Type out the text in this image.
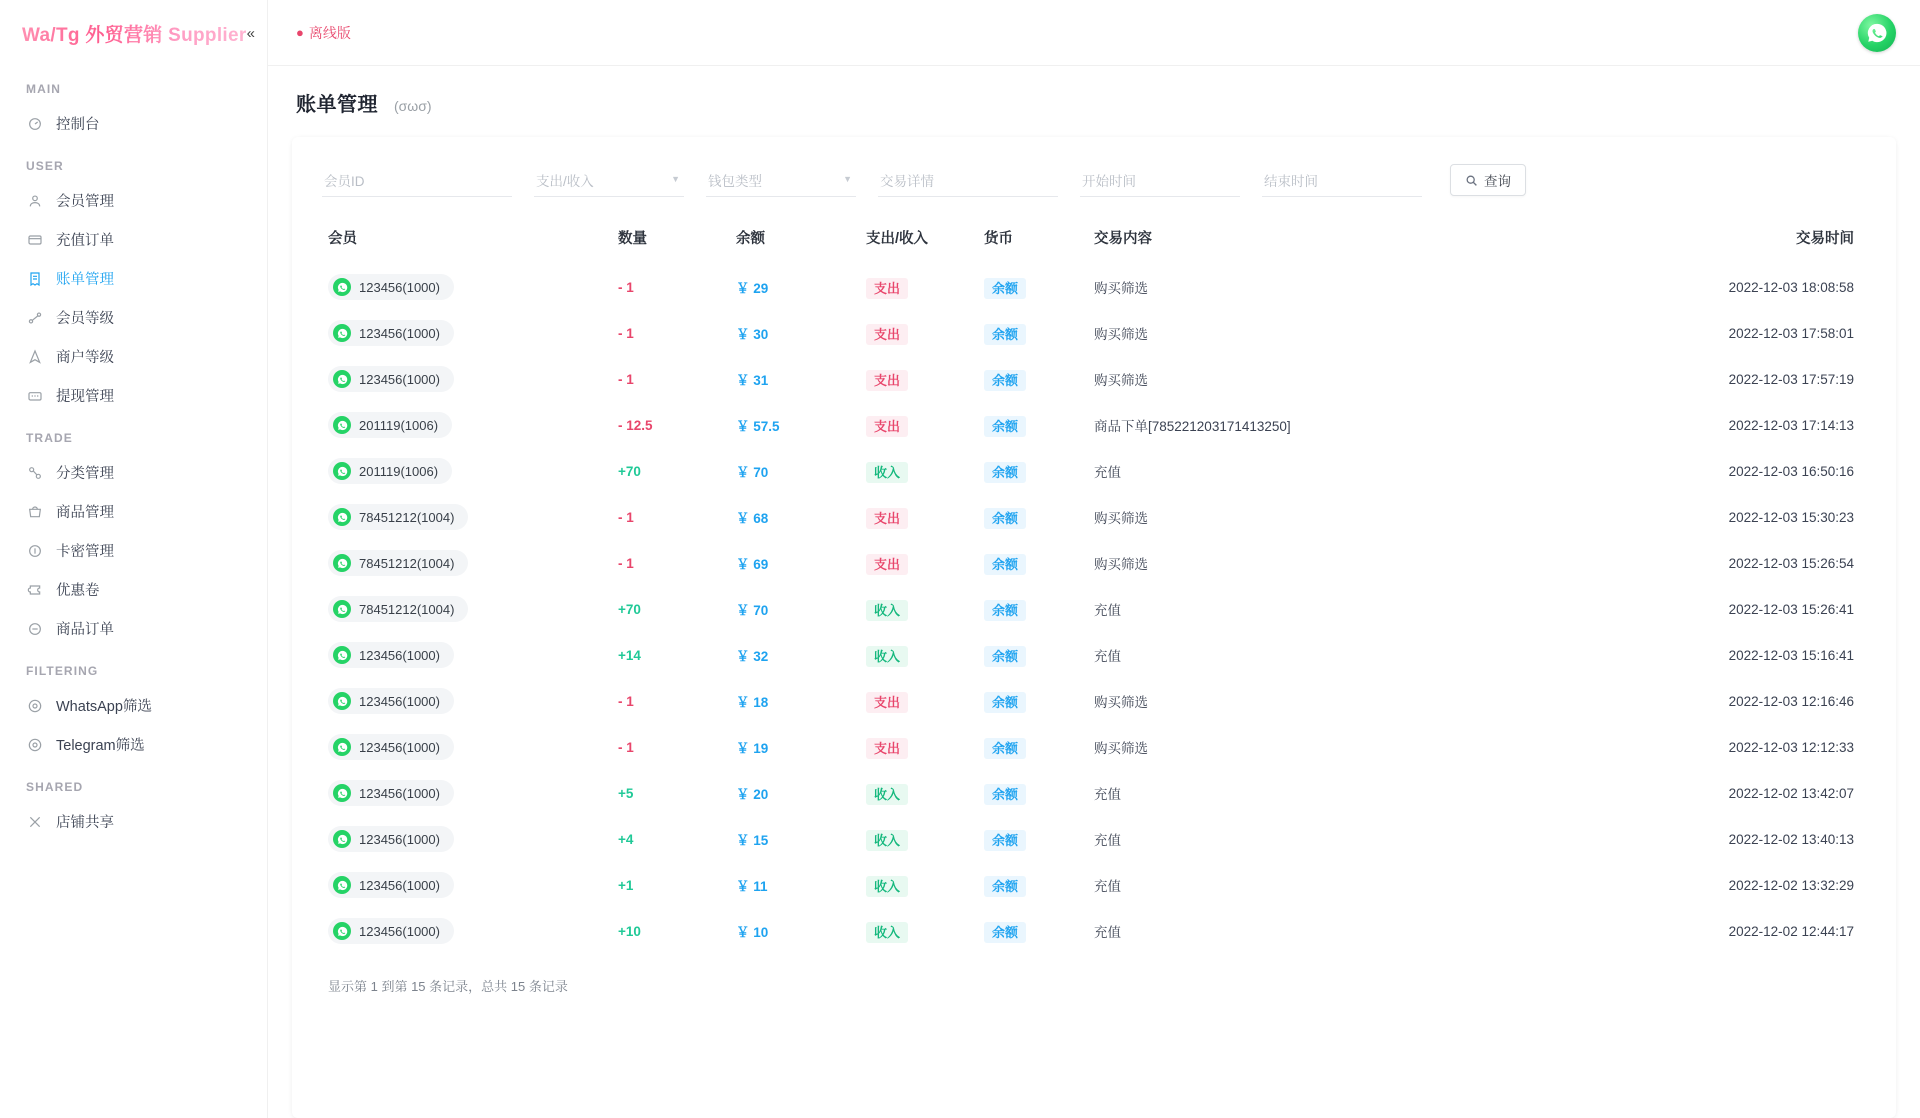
Wa/Tg 外贸营销 Supplier «
MAIN
控制台
USER
会员管理
充值订单
账单管理
会员等级
商户等级
提现管理
TRADE
分类管理
商品管理
卡密管理
优惠卷
商品订单
FILTERING
WhatsApp筛选
Telegram筛选
SHARED
店铺共享
● 离线版
账单管理 (σωσ)
会员ID	支出/收入	▼ 钱包类型	▼ 交易详情	开始时间	结束时间	查询
会员	数量	余额	支出/收入	货币	交易内容	交易时间

123456(1000)	- 1	￥ 29	支出	余额	购买筛选	2022-12-03 18:08:58

123456(1000)	- 1	￥ 30	支出	余额	购买筛选	2022-12-03 17:58:01

123456(1000)	- 1	￥ 31	支出	余额	购买筛选	2022-12-03 17:57:19

201119(1006)	- 12.5	￥ 57.5	支出	余额	商品下单[785221203171413250]	2022-12-03 17:14:13

201119(1006)	+70	￥ 70	收入	余额	充值	2022-12-03 16:50:16

78451212(1004)	- 1	￥ 68	支出	余额	购买筛选	2022-12-03 15:30:23

78451212(1004)	- 1	￥ 69	支出	余额	购买筛选	2022-12-03 15:26:54

78451212(1004)	+70	￥ 70	收入	余额	充值	2022-12-03 15:26:41

123456(1000)	+14	￥ 32	收入	余额	充值	2022-12-03 15:16:41

123456(1000)	- 1	￥ 18	支出	余额	购买筛选	2022-12-03 12:16:46

123456(1000)	- 1	￥ 19	支出	余额	购买筛选	2022-12-03 12:12:33

123456(1000)	+5	￥ 20	收入	余额	充值	2022-12-02 13:42:07

123456(1000)	+4	￥ 15	收入	余额	充值	2022-12-02 13:40:13

123456(1000)	+1	￥ 11	收入	余额	充值	2022-12-02 13:32:29

123456(1000)	+10	￥ 10	收入	余额	充值	2022-12-02 12:44:17
显示第 1 到第 15 条记录，总共 15 条记录
